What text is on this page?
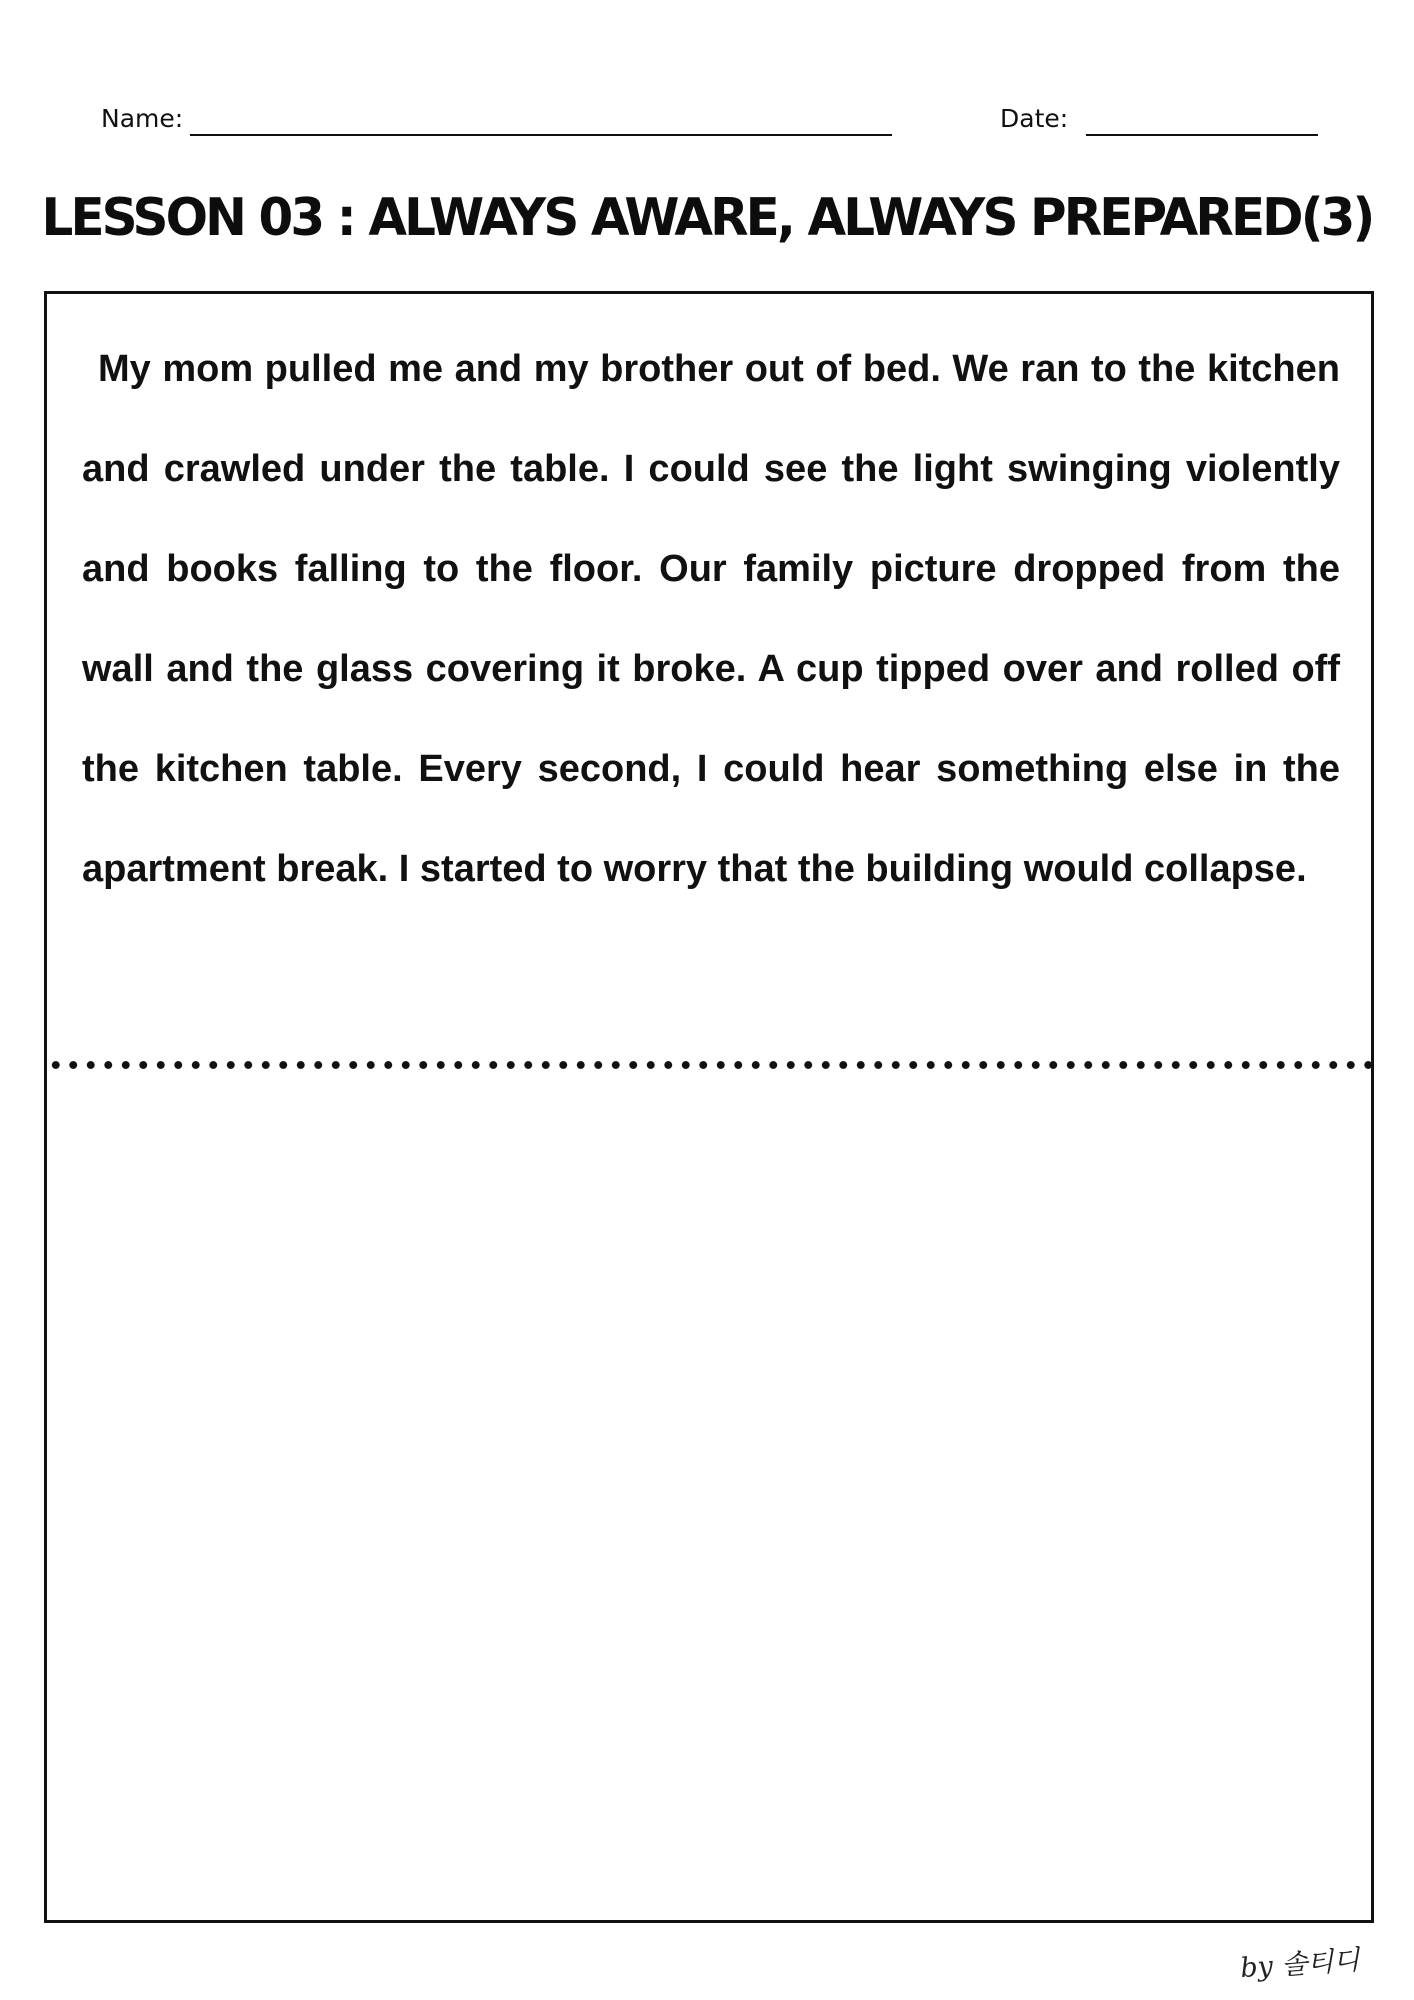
Name:	Date:
LESSON 03 : ALWAYS AWARE, ALWAYS PREPARED(3)

My mom pulled me and my brother out of bed. We ran to the kitchen and crawled under the table. I could see the light swinging violently and books falling to the floor. Our family picture dropped from the wall and the glass covering it broke. A cup tipped over and rolled off the kitchen table. Every second, I could hear something else in the apartment break. I started to worry that the building would collapse.

by 솔티디
